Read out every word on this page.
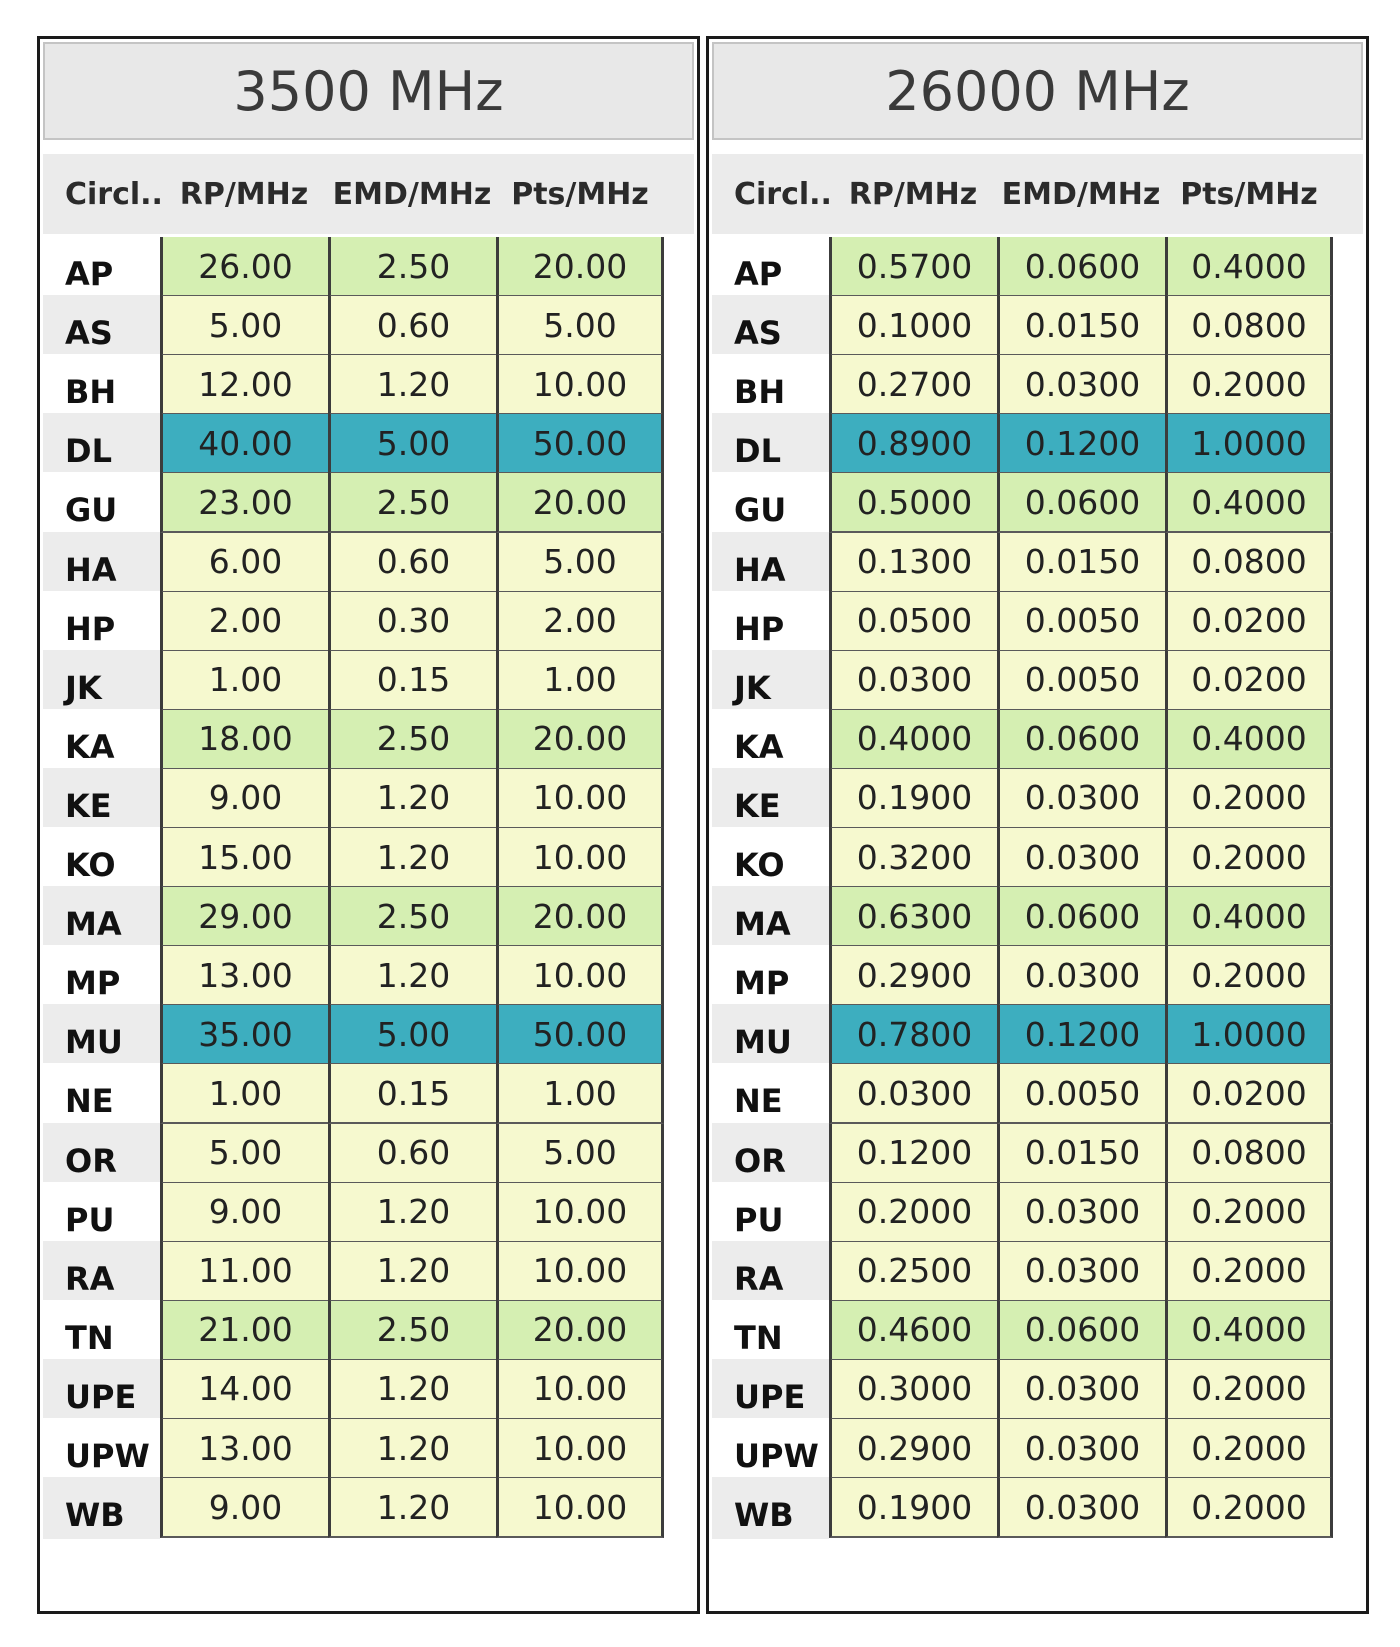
3500 MHz
Circl.. RP/MHz EMD/MHz Pts/MHz
AP	26.00	2.50	20.00
AS	5.00	0.60	5.00
BH	12.00	1.20	10.00
DL	40.00	5.00	50.00
GU	23.00	2.50	20.00
HA	6.00	0.60	5.00
HP	2.00	0.30	2.00
JK	1.00	0.15	1.00
KA	18.00	2.50	20.00
KE	9.00	1.20	10.00
KO	15.00	1.20	10.00
MA	29.00	2.50	20.00
MP	13.00	1.20	10.00
MU	35.00	5.00	50.00
NE	1.00	0.15	1.00
OR	5.00	0.60	5.00
PU	9.00	1.20	10.00
RA	11.00	1.20	10.00
TN	21.00	2.50	20.00
UPE	14.00	1.20	10.00
UPW	13.00	1.20	10.00
WB	9.00	1.20	10.00
26000 MHz
Circl.. RP/MHz EMD/MHz Pts/MHz
AP	0.5700	0.0600	0.4000
AS	0.1000	0.0150	0.0800
BH	0.2700	0.0300	0.2000
DL	0.8900	0.1200	1.0000
GU	0.5000	0.0600	0.4000
HA	0.1300	0.0150	0.0800
HP	0.0500	0.0050	0.0200
JK	0.0300	0.0050	0.0200
KA	0.4000	0.0600	0.4000
KE	0.1900	0.0300	0.2000
KO	0.3200	0.0300	0.2000
MA	0.6300	0.0600	0.4000
MP	0.2900	0.0300	0.2000
MU	0.7800	0.1200	1.0000
NE	0.0300	0.0050	0.0200
OR	0.1200	0.0150	0.0800
PU	0.2000	0.0300	0.2000
RA	0.2500	0.0300	0.2000
TN	0.4600	0.0600	0.4000
UPE	0.3000	0.0300	0.2000
UPW	0.2900	0.0300	0.2000
WB	0.1900	0.0300	0.2000
